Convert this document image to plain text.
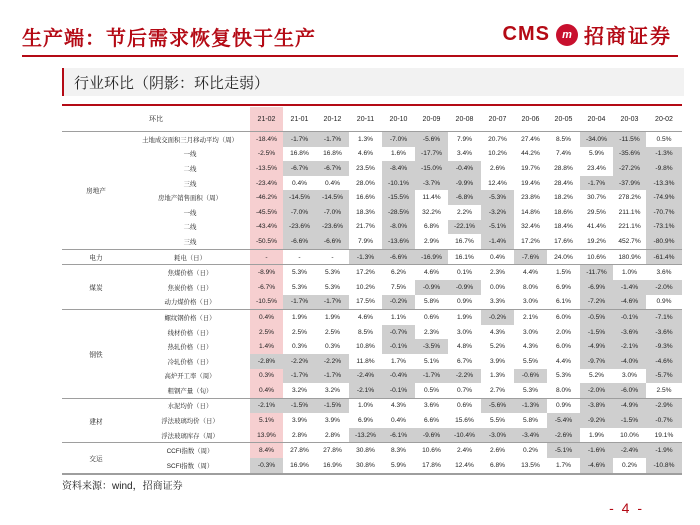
生产端：节后需求恢复快于生产	CMS	m 招商证券
行业环比（阴影：环比走弱）
环比		21-02	21-01	20-12	20-11	20-10	20-09	20-08	20-07	20-06	20-05	20-04	20-03	20-02
房地产	土地成交面积三月移动平均（周）	-18.4%	-1.7%	-1.7%	1.3%	-7.0%	-5.6%	7.9%	20.7%	27.4%	8.5%	-34.0%	-11.5%	0.5%
	一线	-2.5%	16.8%	16.8%	4.6%	1.6%	-17.7%	3.4%	10.2%	44.2%	7.4%	5.9%	-35.6%	-1.3%
	二线	-13.5%	-6.7%	-6.7%	23.5%	-8.4%	-15.0%	-0.4%	2.6%	19.7%	28.8%	23.4%	-27.2%	-9.8%
	三线	-23.4%	0.4%	0.4%	28.0%	-10.1%	-3.7%	-9.9%	12.4%	19.4%	28.4%	-1.7%	-37.9%	-13.3%
	房地产销售面积（周）	-46.2%	-14.5%	-14.5%	16.6%	-15.5%	11.4%	-6.8%	-5.3%	23.8%	18.2%	30.7%	278.2%	-74.9%
	一线	-45.5%	-7.0%	-7.0%	18.3%	-28.5%	32.2%	2.2%	-3.2%	14.8%	18.6%	29.5%	211.1%	-70.7%
	二线	-43.4%	-23.6%	-23.6%	21.7%	-8.0%	6.8%	-22.1%	-5.1%	32.4%	18.4%	41.4%	221.1%	-73.1%
	三线	-50.5%	-6.6%	-6.6%	7.9%	-13.6%	2.9%	16.7%	-1.4%	17.2%	17.6%	19.2%	452.7%	-80.9%
电力	耗电（日）	-	-	-	-1.3%	-6.6%	-16.9%	16.1%	0.4%	-7.6%	24.0%	10.6%	180.9%	-61.4%
煤炭	焦煤价格（日）	-8.9%	5.3%	5.3%	17.2%	6.2%	4.6%	0.1%	2.3%	4.4%	1.5%	-11.7%	1.0%	3.6%
	焦炭价格（日）	-6.7%	5.3%	5.3%	10.2%	7.5%	-0.9%	-0.9%	0.0%	8.0%	6.9%	-6.9%	-1.4%	-2.0%
	动力煤价格（日）	-10.5%	-1.7%	-1.7%	17.5%	-0.2%	5.8%	0.9%	3.3%	3.0%	6.1%	-7.2%	-4.6%	0.9%
钢铁	螺纹钢价格（日）	0.4%	1.9%	1.9%	4.6%	1.1%	0.6%	1.9%	-0.2%	2.1%	6.0%	-0.5%	-0.1%	-7.1%
	线材价格（日）	2.5%	2.5%	2.5%	8.5%	-0.7%	2.3%	3.0%	4.3%	3.0%	2.0%	-1.5%	-3.6%	-3.6%
	热轧价格（日）	1.4%	0.3%	0.3%	10.8%	-0.1%	-3.5%	4.8%	5.2%	4.3%	6.0%	-4.9%	-2.1%	-9.3%
	冷轧价格（日）	-2.8%	-2.2%	-2.2%	11.8%	1.7%	5.1%	6.7%	3.9%	5.5%	4.4%	-9.7%	-4.0%	-4.6%
	高炉开工率（周）	0.3%	-1.7%	-1.7%	-2.4%	-0.4%	-1.7%	-2.2%	1.3%	-0.6%	5.3%	5.2%	3.0%	-5.7%
	粗钢产量（旬）	0.4%	3.2%	3.2%	-2.1%	-0.1%	0.5%	0.7%	2.7%	5.3%	8.0%	-2.0%	-6.0%	2.5%
建材	水泥均价（日）	-2.1%	-1.5%	-1.5%	1.0%	4.3%	3.6%	0.6%	-5.6%	-1.3%	0.9%	-3.8%	-4.9%	-2.9%
	浮法玻璃均价（日）	5.1%	3.9%	3.9%	6.9%	0.4%	6.6%	15.6%	5.5%	5.8%	-5.4%	-9.2%	-1.5%	-0.7%
	浮法玻璃库存（周）	13.9%	2.8%	2.8%	-13.2%	-6.1%	-9.6%	-10.4%	-3.0%	-3.4%	-2.6%	1.9%	10.0%	19.1%
交运	CCFI指数（周）	8.4%	27.8%	27.8%	30.8%	8.3%	10.6%	2.4%	2.6%	0.2%	-5.1%	-1.6%	-2.4%	-1.9%
	SCFI指数（周）	-0.3%	16.9%	16.9%	30.8%	5.9%	17.8%	12.4%	6.8%	13.5%	1.7%	-4.6%	0.2%	-10.8%
资料来源：wind，招商证券
- 4 -
